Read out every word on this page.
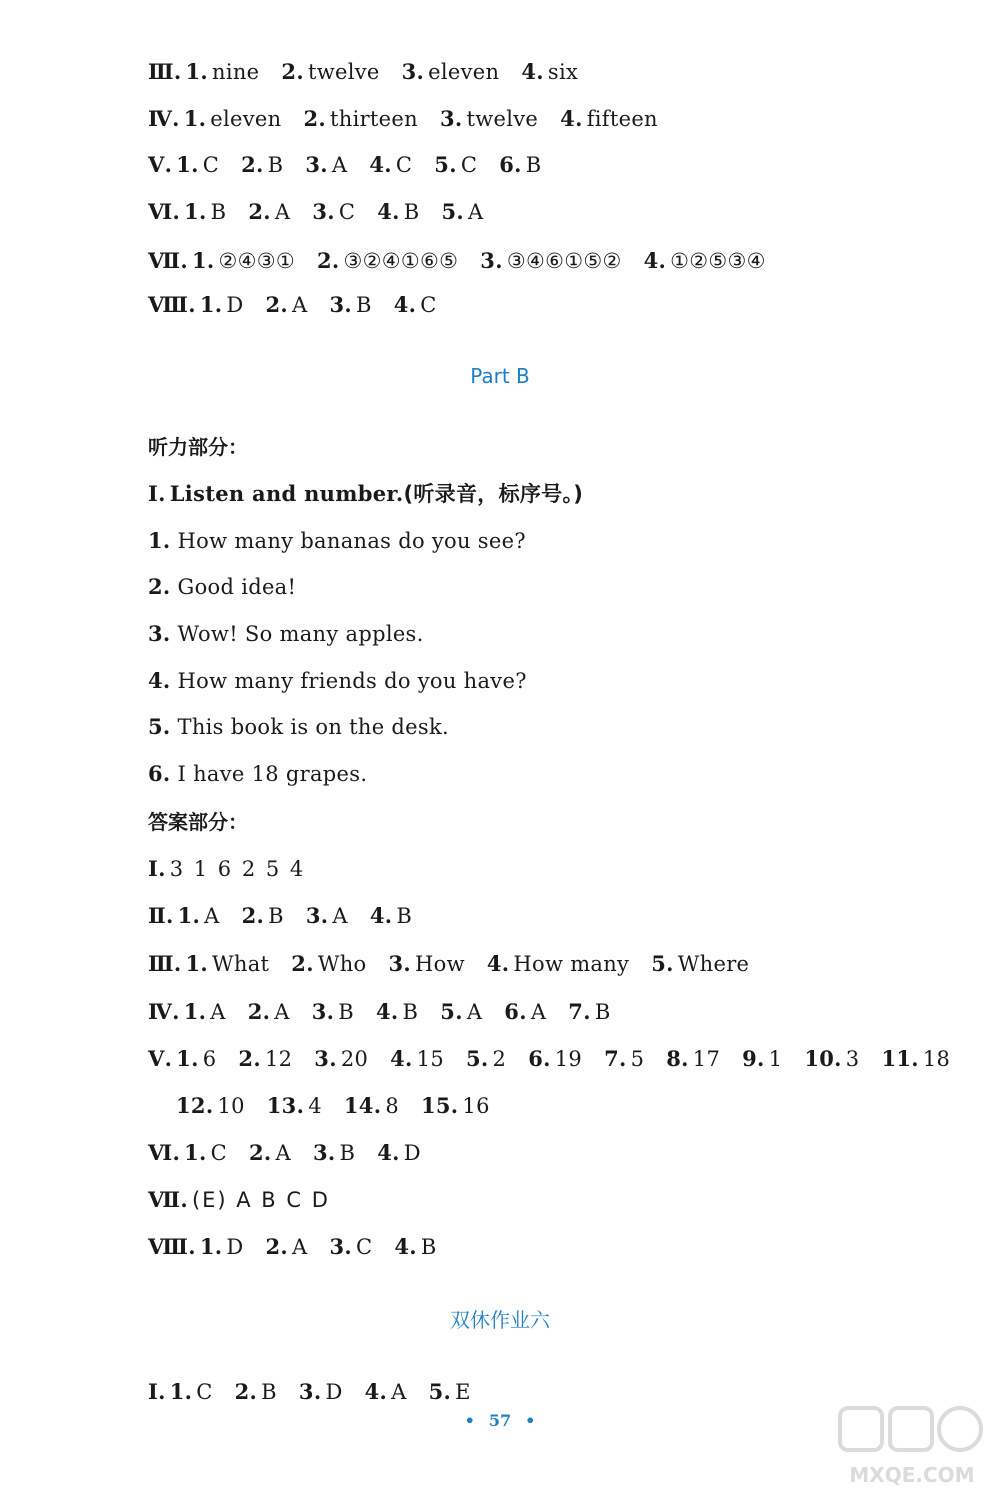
Ⅲ. 1. nine 2. twelve 3. eleven 4. six
Ⅳ. 1. eleven 2. thirteen 3. twelve 4. fifteen
Ⅴ. 1. C 2. B 3. A 4. C 5. C 6. B
Ⅵ. 1. B 2. A 3. C 4. B 5. A
Ⅶ. 1. ②④③① 2. ③②④①⑥⑤ 3. ③④⑥①⑤② 4. ①②⑤③④
Ⅷ. 1. D 2. A 3. B 4. C
Part B
听力部分：
Ⅰ. Listen and number.(听录音，标序号。)
1. How many bananas do you see?
2. Good idea!
3. Wow! So many apples.
4. How many friends do you have?
5. This book is on the desk.
6. I have 18 grapes.
答案部分：
Ⅰ. 3 1 6 2 5 4
Ⅱ. 1. A 2. B 3. A 4. B
Ⅲ. 1. What 2. Who 3. How 4. How many 5. Where
Ⅳ. 1. A 2. A 3. B 4. B 5. A 6. A 7. B
Ⅴ. 1. 6 2. 12 3. 20 4. 15 5. 2 6. 19 7. 5 8. 17 9. 1 10. 3 11. 18
12. 10 13. 4 14. 8 15. 16
Ⅵ. 1. C 2. A 3. B 4. D
Ⅶ. (E) A B C D
Ⅷ. 1. D 2. A 3. C 4. B
双休作业六
Ⅰ. 1. C 2. B 3. D 4. A 5. E
• 57 •
MXQE.COM
